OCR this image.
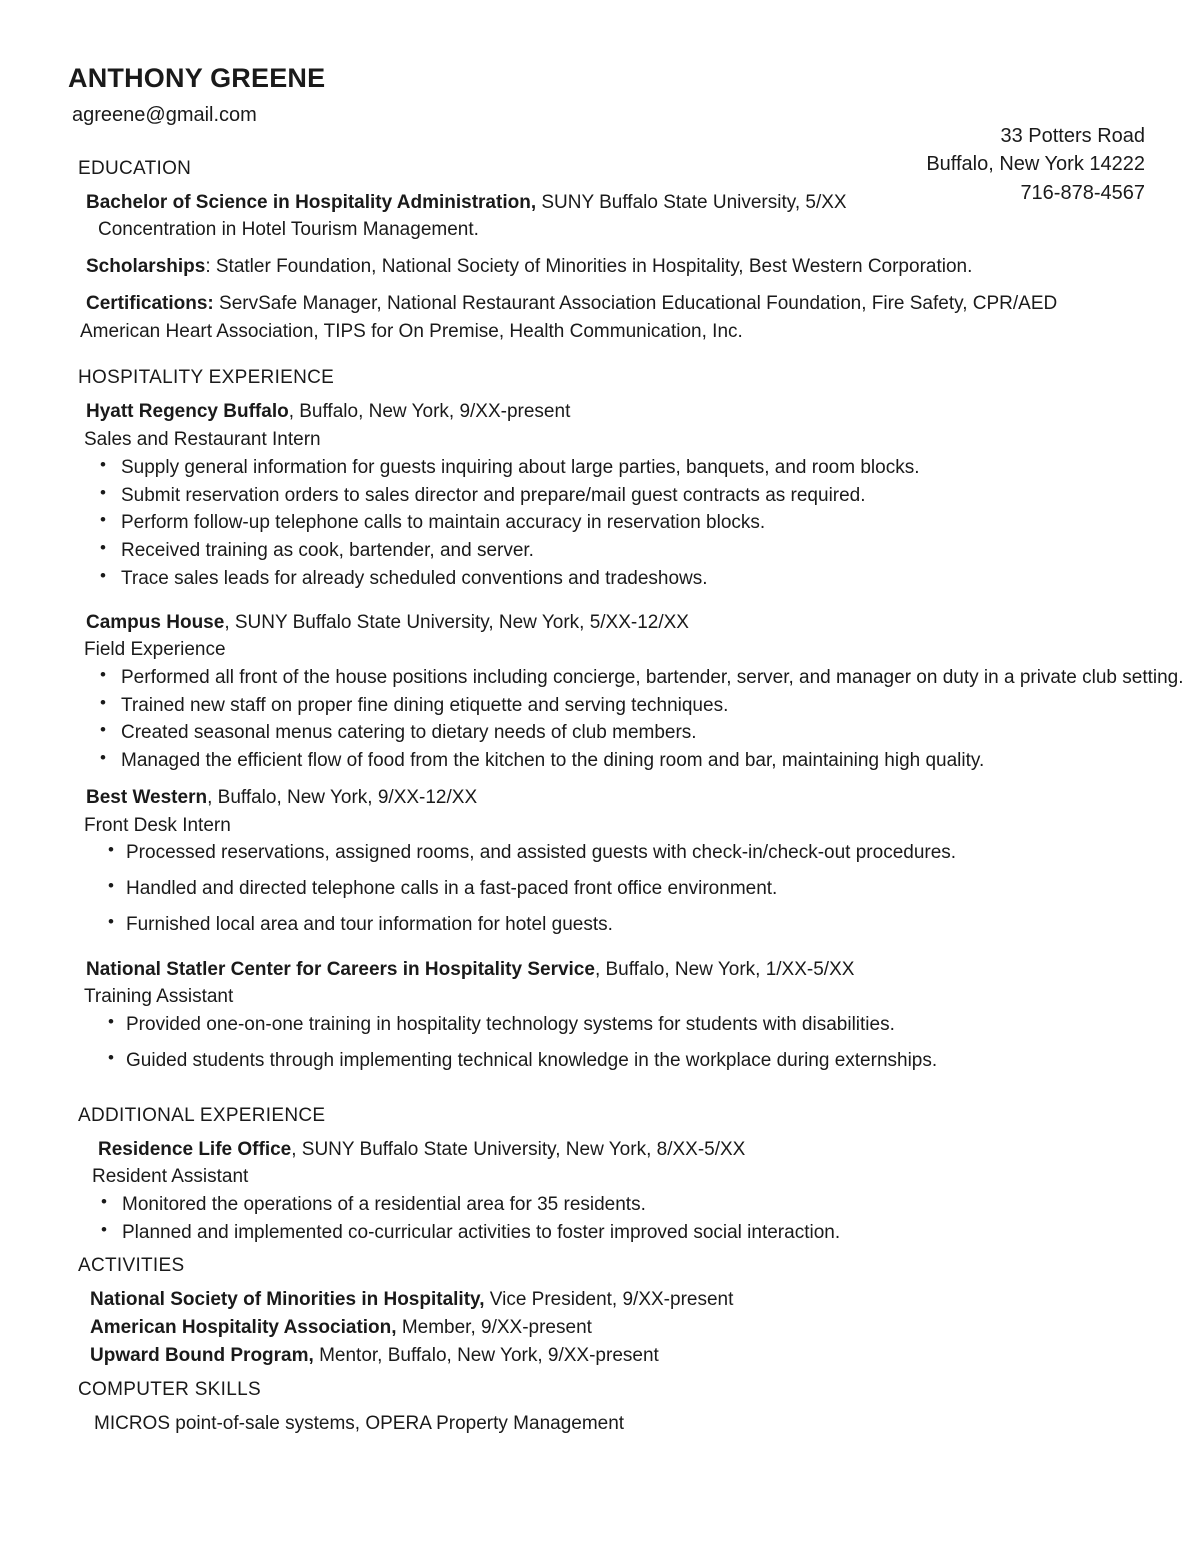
ANTHONY GREENE
agreene@gmail.com
33 Potters Road
Buffalo, New York 14222
716-878-4567
EDUCATION
Bachelor of Science in Hospitality Administration, SUNY Buffalo State University, 5/XX
Concentration in Hotel Tourism Management.
Scholarships: Statler Foundation, National Society of Minorities in Hospitality, Best Western Corporation.
Certifications: ServSafe Manager, National Restaurant Association Educational Foundation, Fire Safety, CPR/AED
American Heart Association, TIPS for On Premise, Health Communication, Inc.
HOSPITALITY EXPERIENCE
Hyatt Regency Buffalo, Buffalo, New York, 9/XX-present
Sales and Restaurant Intern
• Supply general information for guests inquiring about large parties, banquets, and room blocks.
• Submit reservation orders to sales director and prepare/mail guest contracts as required.
• Perform follow-up telephone calls to maintain accuracy in reservation blocks.
• Received training as cook, bartender, and server.
• Trace sales leads for already scheduled conventions and tradeshows.
Campus House, SUNY Buffalo State University, New York, 5/XX-12/XX
Field Experience
• Performed all front of the house positions including concierge, bartender, server, and manager on duty in a private club setting.
• Trained new staff on proper fine dining etiquette and serving techniques.
• Created seasonal menus catering to dietary needs of club members.
• Managed the efficient flow of food from the kitchen to the dining room and bar, maintaining high quality.
Best Western, Buffalo, New York, 9/XX-12/XX
Front Desk Intern
• Processed reservations, assigned rooms, and assisted guests with check-in/check-out procedures.
• Handled and directed telephone calls in a fast-paced front office environment.
• Furnished local area and tour information for hotel guests.
National Statler Center for Careers in Hospitality Service, Buffalo, New York, 1/XX-5/XX
Training Assistant
• Provided one-on-one training in hospitality technology systems for students with disabilities.
• Guided students through implementing technical knowledge in the workplace during externships.
ADDITIONAL EXPERIENCE
Residence Life Office, SUNY Buffalo State University, New York, 8/XX-5/XX
Resident Assistant
• Monitored the operations of a residential area for 35 residents.
• Planned and implemented co-curricular activities to foster improved social interaction.
ACTIVITIES
National Society of Minorities in Hospitality, Vice President, 9/XX-present
American Hospitality Association, Member, 9/XX-present
Upward Bound Program, Mentor, Buffalo, New York, 9/XX-present
COMPUTER SKILLS
MICROS point-of-sale systems, OPERA Property Management
